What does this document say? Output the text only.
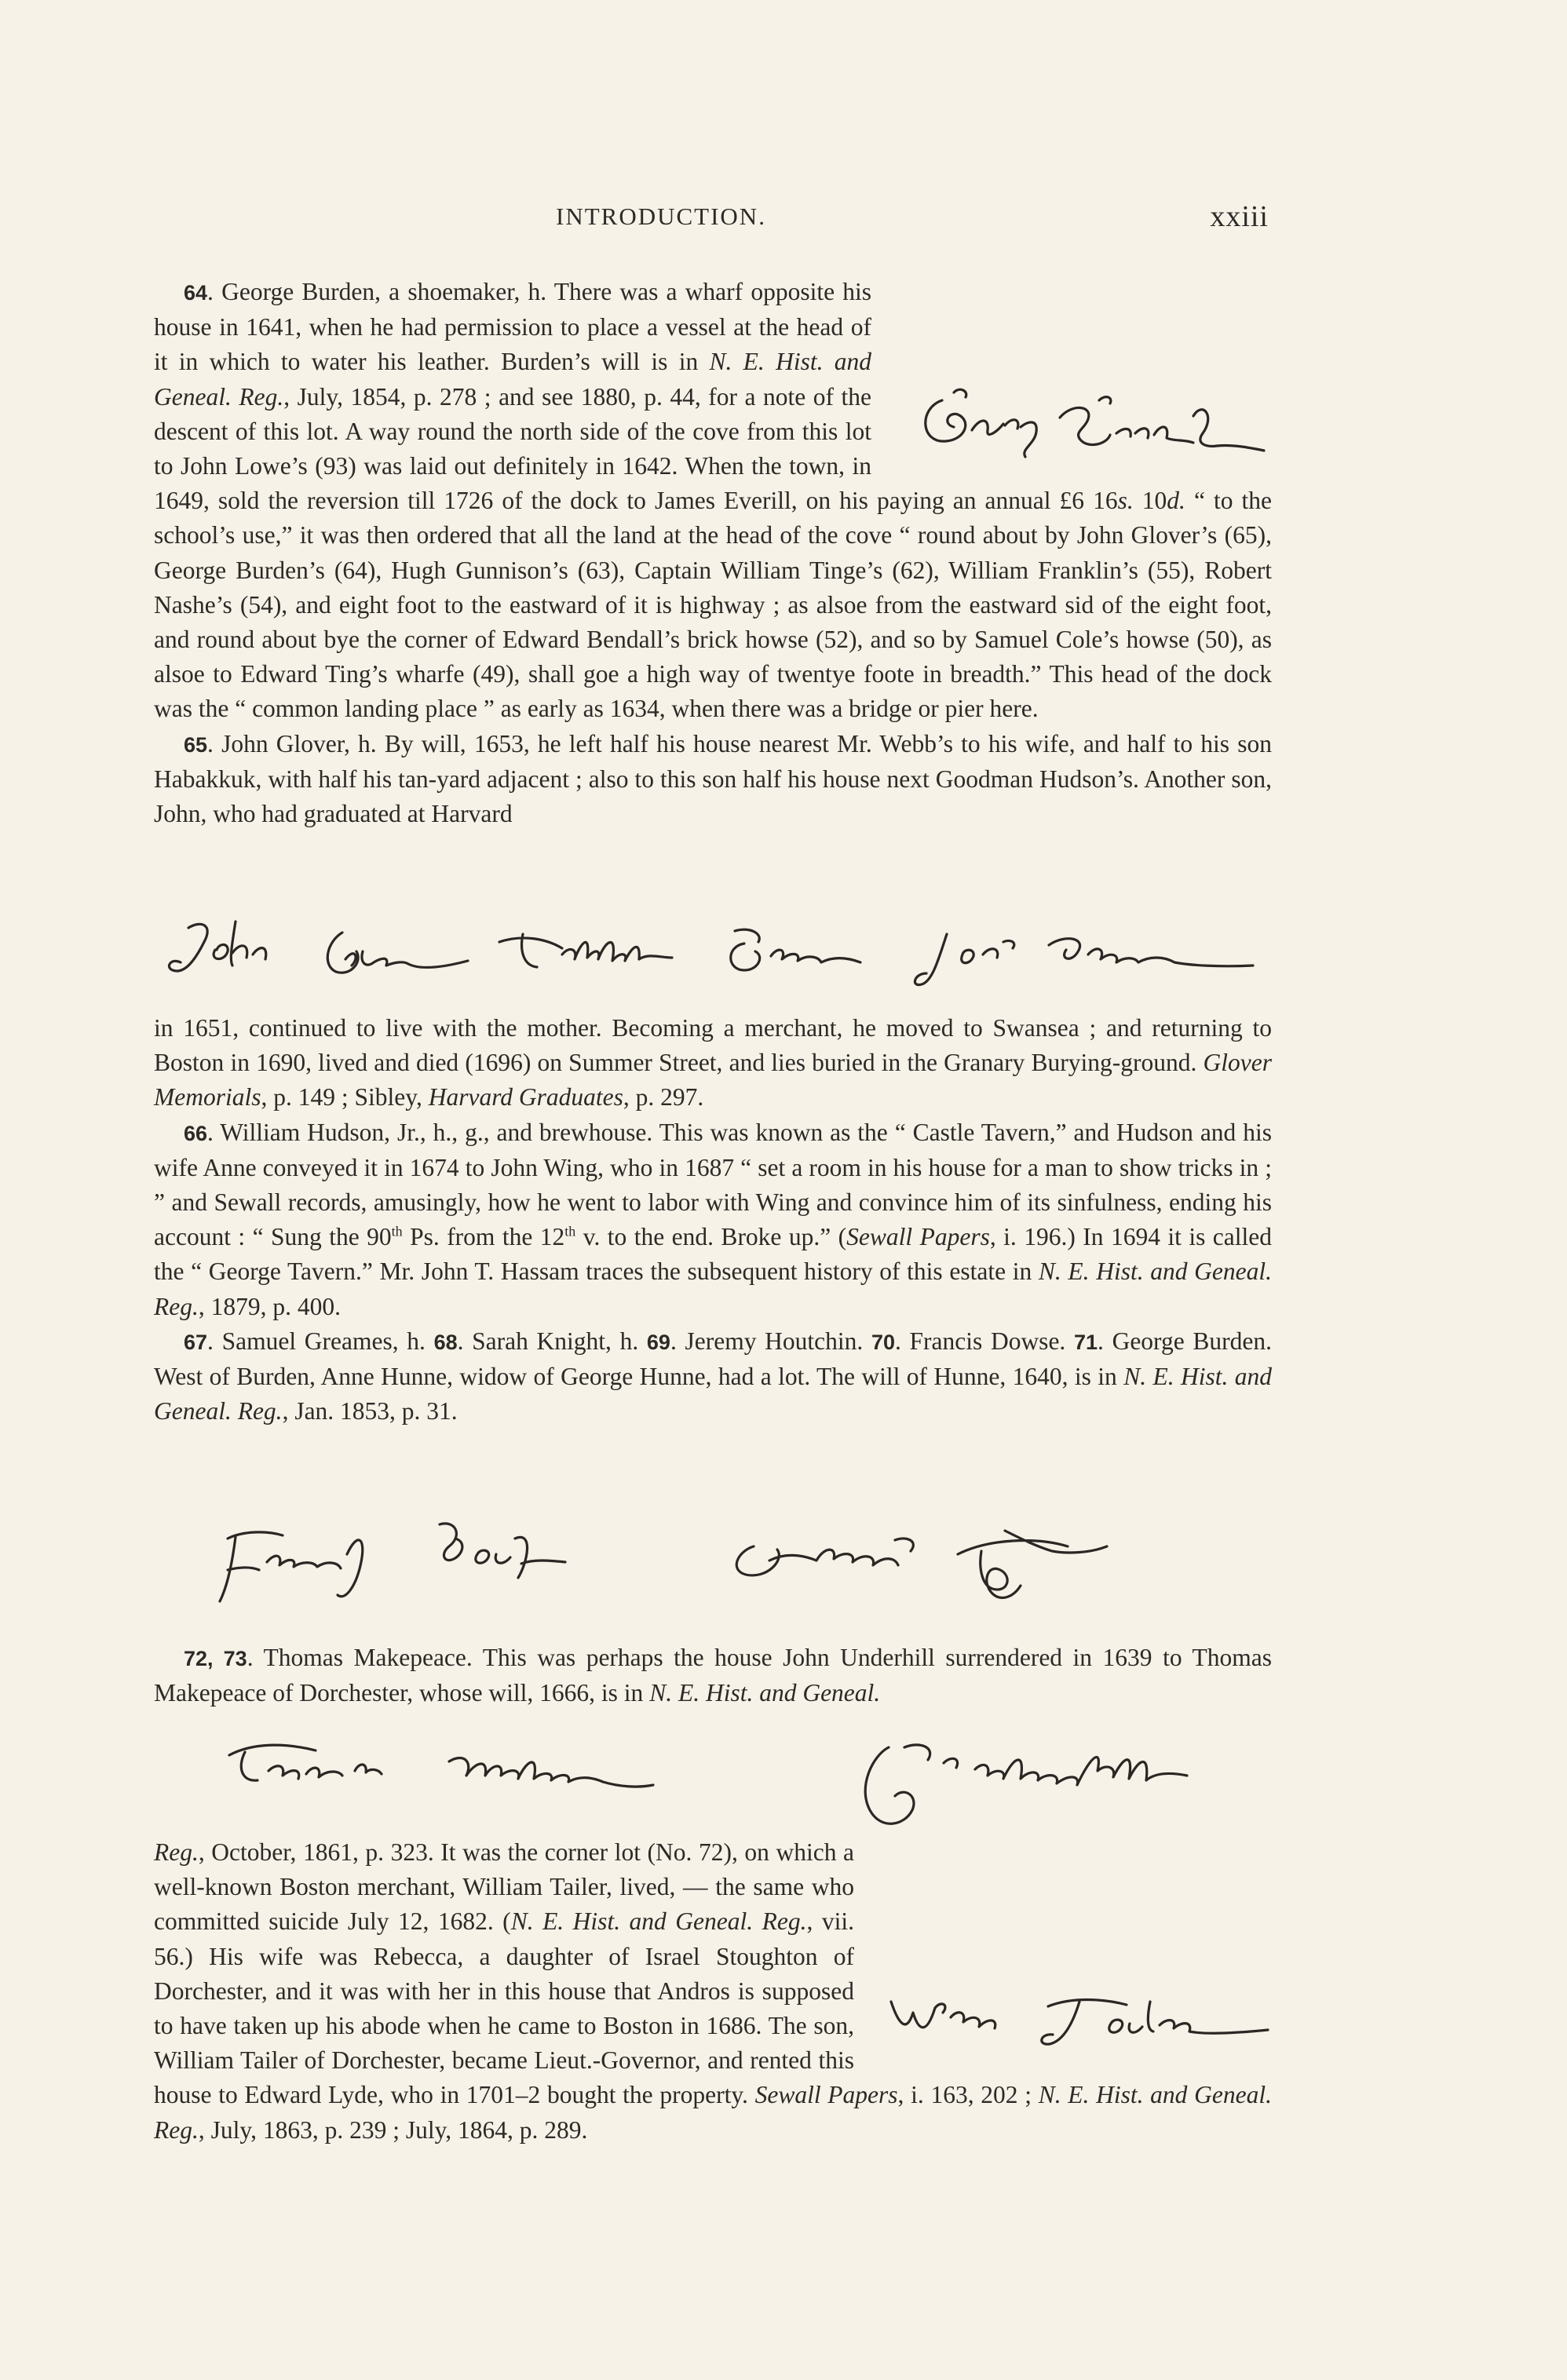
INTRODUCTION.	xxiii

64. George Burden, a shoemaker, h. There was a wharf opposite his house in 1641, when he had permission to place a vessel at the head of it in which to water his leather. Burden’s will is in N. E. Hist. and Geneal. Reg., July, 1854, p. 278 ; and see 1880, p. 44, for a note of the descent of this lot. A way round the north side of the cove from this lot to John Lowe’s (93) was laid out definitely in 1642. When the town, in 1649, sold the reversion till 1726 of the dock to James Everill, on his paying an annual £6 16s. 10d. “ to the school’s use,” it was then ordered that all the land at the head of the cove “ round about by John Glover’s (65), George Burden’s (64), Hugh Gunnison’s (63), Captain William Tinge’s (62), William Franklin’s (55), Robert Nashe’s (54), and eight foot to the eastward of it is highway ; as alsoe from the eastward sid of the eight foot, and round about bye the corner of Edward Bendall’s brick howse (52), and so by Samuel Cole’s howse (50), as alsoe to Edward Ting’s wharfe (49), shall goe a high way of twentye foote in breadth.” This head of the dock was the “ common landing place ” as early as 1634, when there was a bridge or pier here.

65. John Glover, h. By will, 1653, he left half his house nearest Mr. Webb’s to his wife, and half to his son Habakkuk, with half his tan-yard adjacent ; also to this son half his house next Goodman Hudson’s. Another son, John, who had graduated at Harvard

in 1651, continued to live with the mother. Becoming a merchant, he moved to Swansea ; and returning to Boston in 1690, lived and died (1696) on Summer Street, and lies buried in the Granary Burying-ground. Glover Memorials, p. 149 ; Sibley, Harvard Graduates, p. 297.

66. William Hudson, Jr., h., g., and brewhouse. This was known as the “ Castle Tavern,” and Hudson and his wife Anne conveyed it in 1674 to John Wing, who in 1687 “ set a room in his house for a man to show tricks in ; ” and Sewall records, amusingly, how he went to labor with Wing and convince him of its sinfulness, ending his account : “ Sung the 90th Ps. from the 12th v. to the end. Broke up.” (Sewall Papers, i. 196.) In 1694 it is called the “ George Tavern.” Mr. John T. Hassam traces the subsequent history of this estate in N. E. Hist. and Geneal. Reg., 1879, p. 400.

67. Samuel Greames, h. 68. Sarah Knight, h. 69. Jeremy Houtchin. 70. Francis Dowse. 71. George Burden. West of Burden, Anne Hunne, widow of George Hunne, had a lot. The will of Hunne, 1640, is in N. E. Hist. and Geneal. Reg., Jan. 1853, p. 31.

72, 73. Thomas Makepeace. This was perhaps the house John Underhill surrendered in 1639 to Thomas Makepeace of Dorchester, whose will, 1666, is in N. E. Hist. and Geneal.

Reg., October, 1861, p. 323. It was the corner lot (No. 72), on which a well-known Boston merchant, William Tailer, lived, — the same who committed suicide July 12, 1682. (N. E. Hist. and Geneal. Reg., vii. 56.) His wife was Rebecca, a daughter of Israel Stoughton of Dorchester, and it was with her in this house that Andros is supposed to have taken up his abode when he came to Boston in 1686. The son, William Tailer of Dorchester, became Lieut.-Governor, and rented this house to Edward Lyde, who in 1701–2 bought the property. Sewall Papers, i. 163, 202 ; N. E. Hist. and Geneal. Reg., July, 1863, p. 239 ; July, 1864, p. 289.
